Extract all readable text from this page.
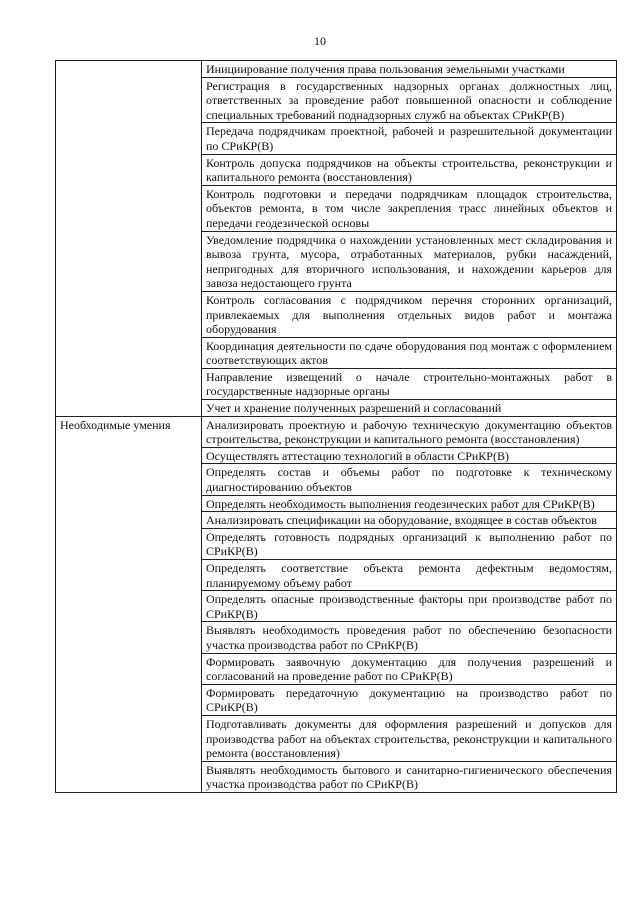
10
	Инициирование получения права пользования земельными участками
	Регистрация в государственных надзорных органах должностных лиц, ответственных за проведение работ повышенной опасности и соблюдение специальных требований поднадзорных служб на объектах СРиКР(В)
	Передача подрядчикам проектной, рабочей и разрешительной документации по СРиКР(В)
	Контроль допуска подрядчиков на объекты строительства, реконструкции и капитального ремонта (восстановления)
	Контроль подготовки и передачи подрядчикам площадок строительства, объектов ремонта, в том числе закрепления трасс линейных объектов и передачи геодезической основы
	Уведомление подрядчика о нахождении установленных мест складирования и вывоза грунта, мусора, отработанных материалов, рубки насаждений, непригодных для вторичного использования, и нахождении карьеров для завоза недостающего грунта
	Контроль согласования с подрядчиком перечня сторонних организаций, привлекаемых для выполнения отдельных видов работ и монтажа оборудования
	Координация деятельности по сдаче оборудования под монтаж с оформлением соответствующих актов
	Направление извещений о начале строительно-монтажных работ в государственные надзорные органы
	Учет и хранение полученных разрешений и согласований
Необходимые умения	Анализировать проектную и рабочую техническую документацию объектов строительства, реконструкции и капитального ремонта (восстановления)
	Осуществлять аттестацию технологий в области СРиКР(В)
	Определять состав и объемы работ по подготовке к техническому диагностированию объектов
	Определять необходимость выполнения геодезических работ для СРиКР(В)
	Анализировать спецификации на оборудование, входящее в состав объектов
	Определять готовность подрядных организаций к выполнению работ по СРиКР(В)
	Определять соответствие объекта ремонта дефектным ведомостям, планируемому объему работ
	Определять опасные производственные факторы при производстве работ по СРиКР(В)
	Выявлять необходимость проведения работ по обеспечению безопасности участка производства работ по СРиКР(В)
	Формировать заявочную документацию для получения разрешений и согласований на проведение работ по СРиКР(В)
	Формировать передаточную документацию на производство работ по СРиКР(В)
	Подготавливать документы для оформления разрешений и допусков для производства работ на объектах строительства, реконструкции и капитального ремонта (восстановления)
	Выявлять необходимость бытового и санитарно-гигиенического обеспечения участка производства работ по СРиКР(В)
